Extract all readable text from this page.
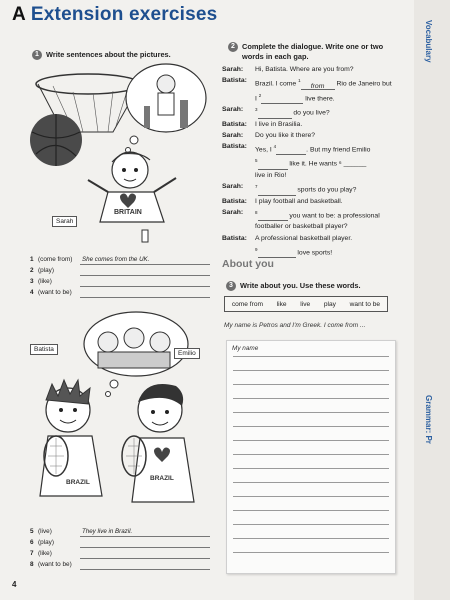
A Extension exercises
1 Write sentences about the pictures.
BRITAIN
Sarah
1 (come from)	She comes from the UK.
2 (play)
3 (like)
4 (want to be)
BRAZIL
BRAZIL
Batista
Emilio
5 (live)	They live in Brazil.
6 (play)
7 (like)
8 (want to be)
2 Complete the dialogue. Write one or two
words in each gap.
Sarah:	Hi, Batista. Where are you from?
Batista:	Brazil. I come $^1$from Rio de Janeiro but
I $^2$	live there.
Sarah:	$^3$	do you live?
Batista:	I live in Brasilia.
Sarah:	Do you like it there?
Batista:	Yes, I $^4$	. But my friend Emilio
$^5$	like it. He wants ⁶ ______
live in Rio!
Sarah:	$^7$	sports do you play?
Batista:	I play football and basketball.
Sarah:	$^8$	you want to be: a professional
footballer or basketball player?
Batista:	A professional basketball player.
$^9$	love sports!
About you
3 Write about you. Use these words.
come from like live play want to be
My name is Petros and I'm Greek. I come from ...
My name
4
Vocabulary
Grammar: Pr
